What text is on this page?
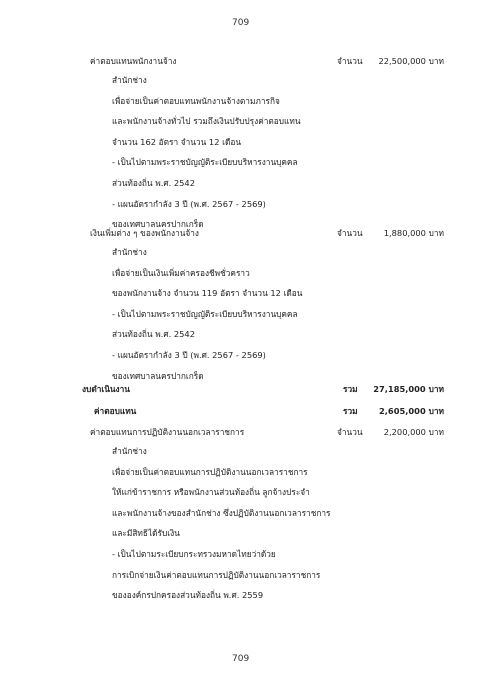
709
ค่าตอบแทนพนักงานจ้าง	จำนวน 22,500,000 บาท
สำนักช่าง
เพื่อจ่ายเป็นค่าตอบแทนพนักงานจ้างตามภารกิจ
และพนักงานจ้างทั่วไป รวมถึงเงินปรับปรุงค่าตอบแทน
จำนวน 162 อัตรา จำนวน 12 เดือน
- เป็นไปตามพระราชบัญญัติระเบียบบริหารงานบุคคล
ส่วนท้องถิ่น พ.ศ. 2542
- แผนอัตรากำลัง 3 ปี (พ.ศ. 2567 - 2569)
ของเทศบาลนครปากเกร็ด
เงินเพิ่มต่าง ๆ ของพนักงานจ้าง	จำนวน	1,880,000 บาท
สำนักช่าง
เพื่อจ่ายเป็นเงินเพิ่มค่าครองชีพชั่วคราว
ของพนักงานจ้าง จำนวน 119 อัตรา จำนวน 12 เดือน
- เป็นไปตามพระราชบัญญัติระเบียบบริหารงานบุคคล
ส่วนท้องถิ่น พ.ศ. 2542
- แผนอัตรากำลัง 3 ปี (พ.ศ. 2567 - 2569)
ของเทศบาลนครปากเกร็ด
งบดำเนินงาน	รวม 27,185,000 บาท
ค่าตอบแทน	รวม	2,605,000 บาท
ค่าตอบแทนการปฏิบัติงานนอกเวลาราชการ	จำนวน	2,200,000 บาท
สำนักช่าง
เพื่อจ่ายเป็นค่าตอบแทนการปฏิบัติงานนอกเวลาราชการ
ให้แก่ข้าราชการ หรือพนักงานส่วนท้องถิ่น ลูกจ้างประจำ
และพนักงานจ้างของสำนักช่าง ซึ่งปฏิบัติงานนอกเวลาราชการ
และมีสิทธิได้รับเงิน
- เป็นไปตามระเบียบกระทรวงมหาดไทยว่าด้วย
การเบิกจ่ายเงินค่าตอบแทนการปฏิบัติงานนอกเวลาราชการ
ขององค์กรปกครองส่วนท้องถิ่น พ.ศ. 2559
709
